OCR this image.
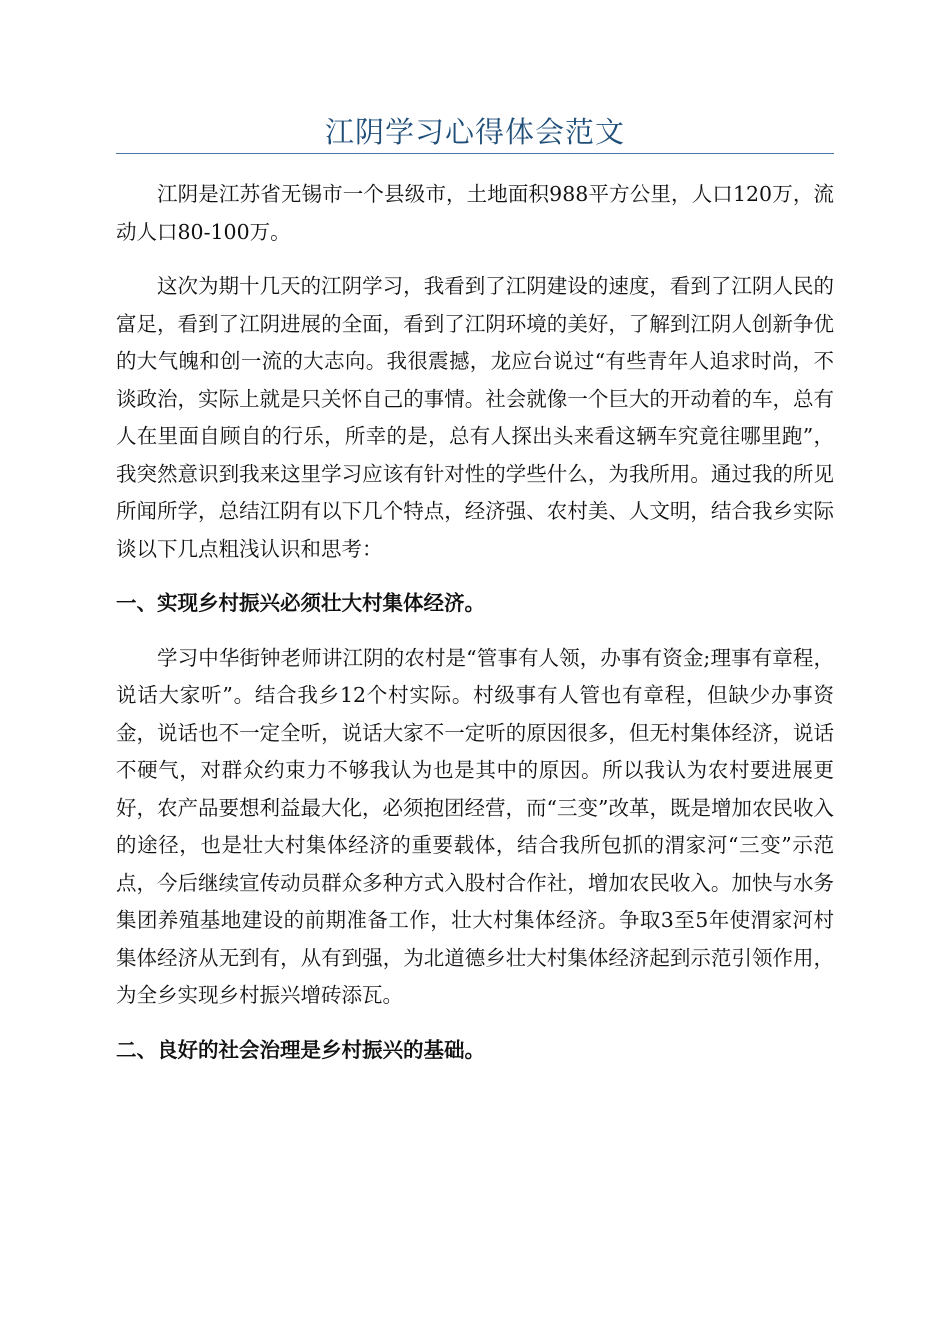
江阴学习心得体会范文

江阴是江苏省无锡市一个县级市，土地面积988平方公里，人口120万，流动人口80-100万。

这次为期十几天的江阴学习，我看到了江阴建设的速度，看到了江阴人民的富足，看到了江阴进展的全面，看到了江阴环境的美好，了解到江阴人创新争优的大气魄和创一流的大志向。我很震撼，龙应台说过“有些青年人追求时尚，不谈政治，实际上就是只关怀自己的事情。社会就像一个巨大的开动着的车，总有人在里面自顾自的行乐，所幸的是，总有人探出头来看这辆车究竟往哪里跑”，我突然意识到我来这里学习应该有针对性的学些什么，为我所用。通过我的所见所闻所学，总结江阴有以下几个特点，经济强、农村美、人文明，结合我乡实际谈以下几点粗浅认识和思考：

一、实现乡村振兴必须壮大村集体经济。

学习中华街钟老师讲江阴的农村是“管事有人领，办事有资金;理事有章程，说话大家听”。结合我乡12个村实际。村级事有人管也有章程，但缺少办事资金，说话也不一定全听，说话大家不一定听的原因很多，但无村集体经济，说话不硬气，对群众约束力不够我认为也是其中的原因。所以我认为农村要进展更好，农产品要想利益最大化，必须抱团经营，而“三变”改革，既是增加农民收入的途径，也是壮大村集体经济的重要载体，结合我所包抓的渭家河“三变”示范点，今后继续宣传动员群众多种方式入股村合作社，增加农民收入。加快与水务集团养殖基地建设的前期准备工作，壮大村集体经济。争取3至5年使渭家河村集体经济从无到有，从有到强，为北道德乡壮大村集体经济起到示范引领作用，为全乡实现乡村振兴增砖添瓦。

二、良好的社会治理是乡村振兴的基础。
